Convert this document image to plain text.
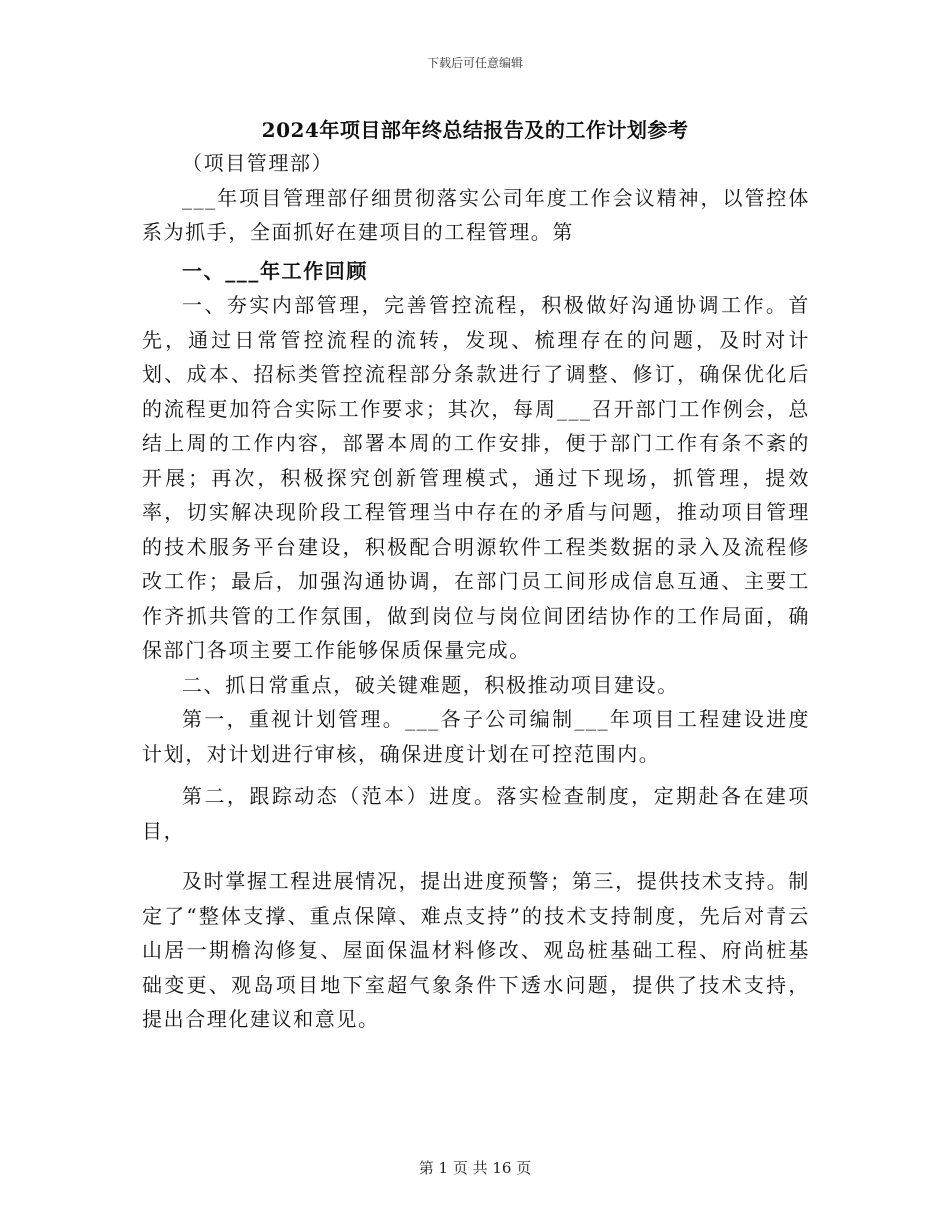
下载后可任意编辑
2024年项目部年终总结报告及的工作计划参考

（项目管理部）

___年项目管理部仔细贯彻落实公司年度工作会议精神，以管控体系为抓手，全面抓好在建项目的工程管理。第

一、___年工作回顾

一、夯实内部管理，完善管控流程，积极做好沟通协调工作。首先，通过日常管控流程的流转，发现、梳理存在的问题，及时对计划、成本、招标类管控流程部分条款进行了调整、修订，确保优化后的流程更加符合实际工作要求；其次，每周___召开部门工作例会，总结上周的工作内容，部署本周的工作安排，便于部门工作有条不紊的开展；再次，积极探究创新管理模式，通过下现场，抓管理，提效率，切实解决现阶段工程管理当中存在的矛盾与问题，推动项目管理的技术服务平台建设，积极配合明源软件工程类数据的录入及流程修改工作；最后，加强沟通协调，在部门员工间形成信息互通、主要工作齐抓共管的工作氛围，做到岗位与岗位间团结协作的工作局面，确保部门各项主要工作能够保质保量完成。

二、抓日常重点，破关键难题，积极推动项目建设。

第一，重视计划管理。___各子公司编制___年项目工程建设进度计划，对计划进行审核，确保进度计划在可控范围内。

第二，跟踪动态（范本）进度。落实检查制度，定期赴各在建项目，

及时掌握工程进展情况，提出进度预警；第三，提供技术支持。制定了“整体支撑、重点保障、难点支持”的技术支持制度，先后对青云山居一期檐沟修复、屋面保温材料修改、观岛桩基础工程、府尚桩基础变更、观岛项目地下室超气象条件下透水问题，提供了技术支持，提出合理化建议和意见。

第 1 页 共 16 页
